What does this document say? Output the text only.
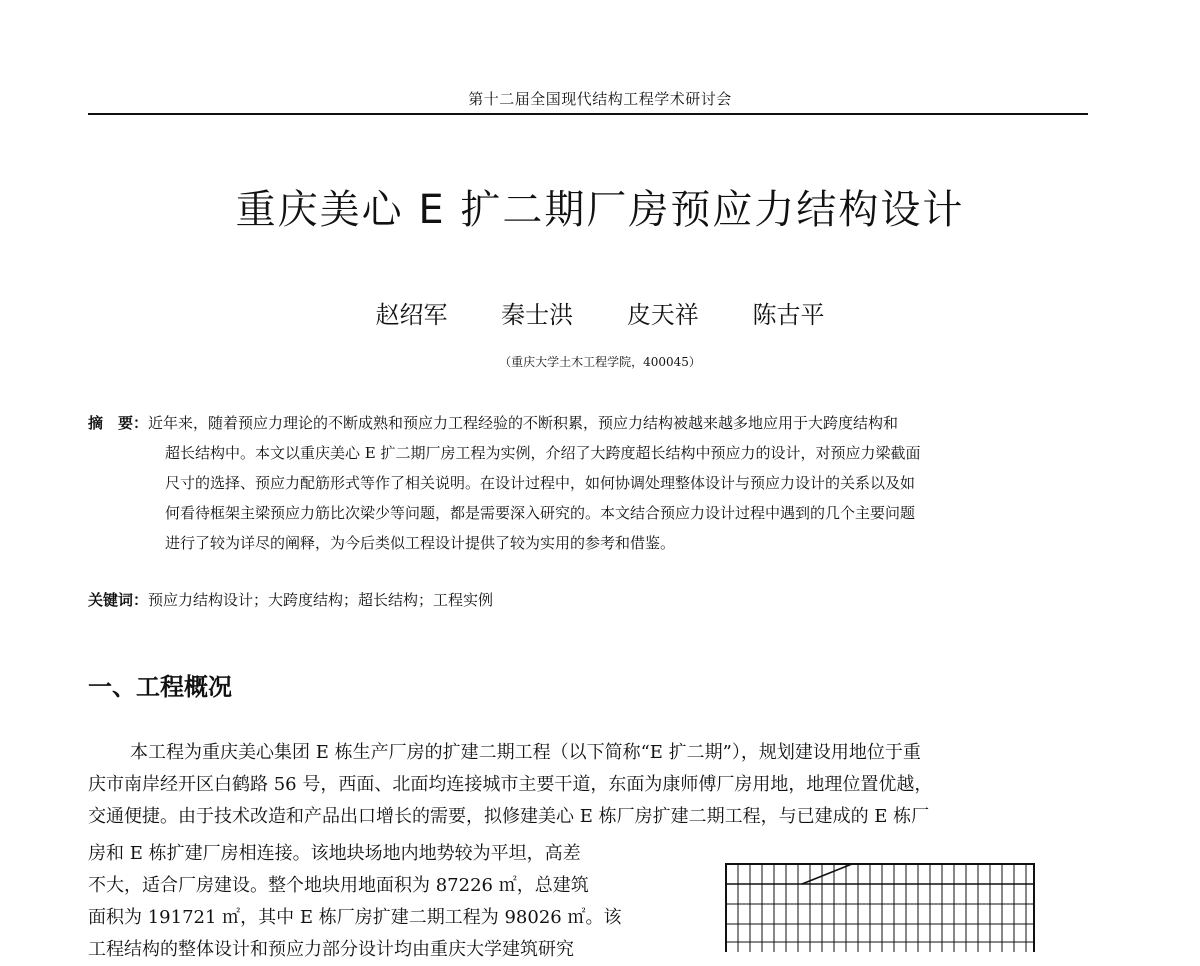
第十二届全国现代结构工程学术研讨会
重庆美心 E 扩二期厂房预应力结构设计
赵绍军 秦士洪 皮天祥 陈古平
（重庆大学土木工程学院，400045）
摘　要：近年来，随着预应力理论的不断成熟和预应力工程经验的不断积累，预应力结构被越来越多地应用于大跨度结构和
超长结构中。本文以重庆美心 E 扩二期厂房工程为实例，介绍了大跨度超长结构中预应力的设计，对预应力梁截面
尺寸的选择、预应力配筋形式等作了相关说明。在设计过程中，如何协调处理整体设计与预应力设计的关系以及如
何看待框架主梁预应力筋比次梁少等问题，都是需要深入研究的。本文结合预应力设计过程中遇到的几个主要问题
进行了较为详尽的阐释，为今后类似工程设计提供了较为实用的参考和借鉴。
关键词：预应力结构设计；大跨度结构；超长结构；工程实例
一、工程概况
本工程为重庆美心集团 E 栋生产厂房的扩建二期工程（以下简称“E 扩二期”），规划建设用地位于重
庆市南岸经开区白鹤路 56 号，西面、北面均连接城市主要干道，东面为康师傅厂房用地，地理位置优越，
交通便捷。由于技术改造和产品出口增长的需要，拟修建美心 E 栋厂房扩建二期工程，与已建成的 E 栋厂
房和 E 栋扩建厂房相连接。该地块场地内地势较为平坦，高差
不大，适合厂房建设。整个地块用地面积为 87226 ㎡，总建筑
面积为 191721 ㎡，其中 E 栋厂房扩建二期工程为 98026 ㎡。该
工程结构的整体设计和预应力部分设计均由重庆大学建筑研究
